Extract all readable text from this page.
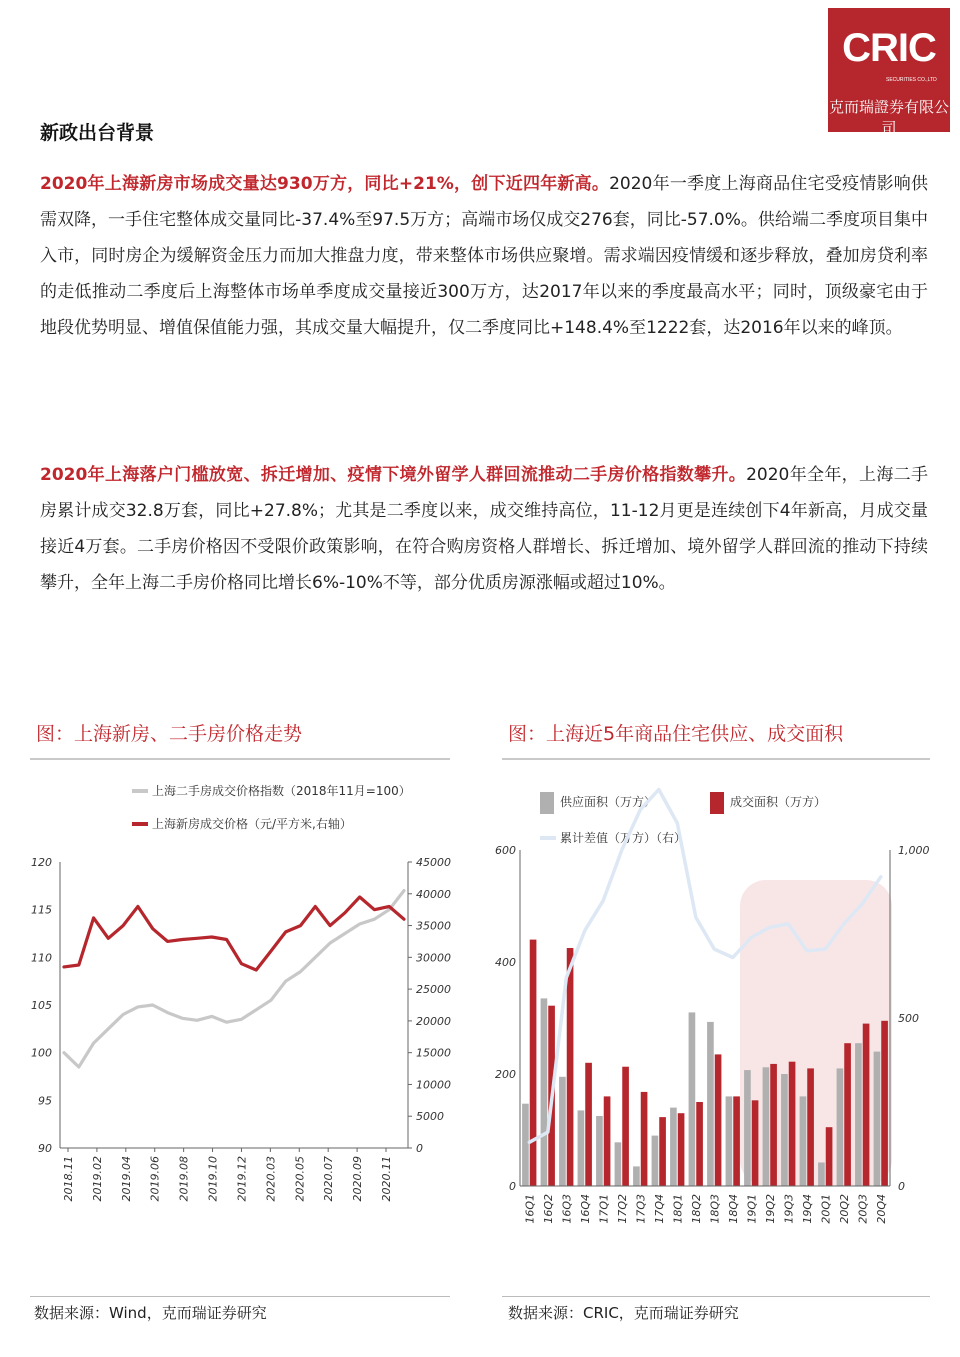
CRIC
SECURITIES CO.,LTD
克而瑞證券有限公司
新政出台背景
2020年上海新房市场成交量达930万方，同比+21%，创下近四年新高。2020年一季度上海商品住宅受疫情影响供需双降，一手住宅整体成交量同比-37.4%至97.5万方；高端市场仅成交276套，同比-57.0%。供给端二季度项目集中入市，同时房企为缓解资金压力而加大推盘力度，带来整体市场供应聚增。需求端因疫情缓和逐步释放，叠加房贷利率的走低推动二季度后上海整体市场单季度成交量接近300万方，达2017年以来的季度最高水平；同时，顶级豪宅由于地段优势明显、增值保值能力强，其成交量大幅提升，仅二季度同比+148.4%至1222套，达2016年以来的峰顶。
2020年上海落户门槛放宽、拆迁增加、疫情下境外留学人群回流推动二手房价格指数攀升。2020年全年，上海二手房累计成交32.8万套，同比+27.8%；尤其是二季度以来，成交维持高位，11-12月更是连续创下4年新高，月成交量接近4万套。二手房价格因不受限价政策影响，在符合购房资格人群增长、拆迁增加、境外留学人群回流的推动下持续攀升，全年上海二手房价格同比增长6%-10%不等，部分优质房源涨幅或超过10%。
图：上海新房、二手房价格走势	图：上海近5年商品住宅供应、成交面积
上海二手房成交价格指数（2018年11月=100）
上海新房成交价格（元/平方米,右轴）
90
95
100
105
110
115
120
0
5000
10000
15000
20000
25000
30000
35000
40000
45000
2018.11 2019.02 2019.04 2019.06 2019.08 2019.10 2019.12 2020.03 2020.05 2020.07 2020.09 2020.11
供应面积（万方）	成交面积（万方）
累计差值（万方）（右）
0
200
400
600
0
500
1,000
16Q1 16Q2 16Q3 16Q4 17Q1 17Q2 17Q3 17Q4 18Q1 18Q2 18Q3 18Q4 19Q1 19Q2 19Q3 19Q4 20Q1 20Q2 20Q3 20Q4
数据来源：Wind，克而瑞证券研究	数据来源：CRIC，克而瑞证券研究
